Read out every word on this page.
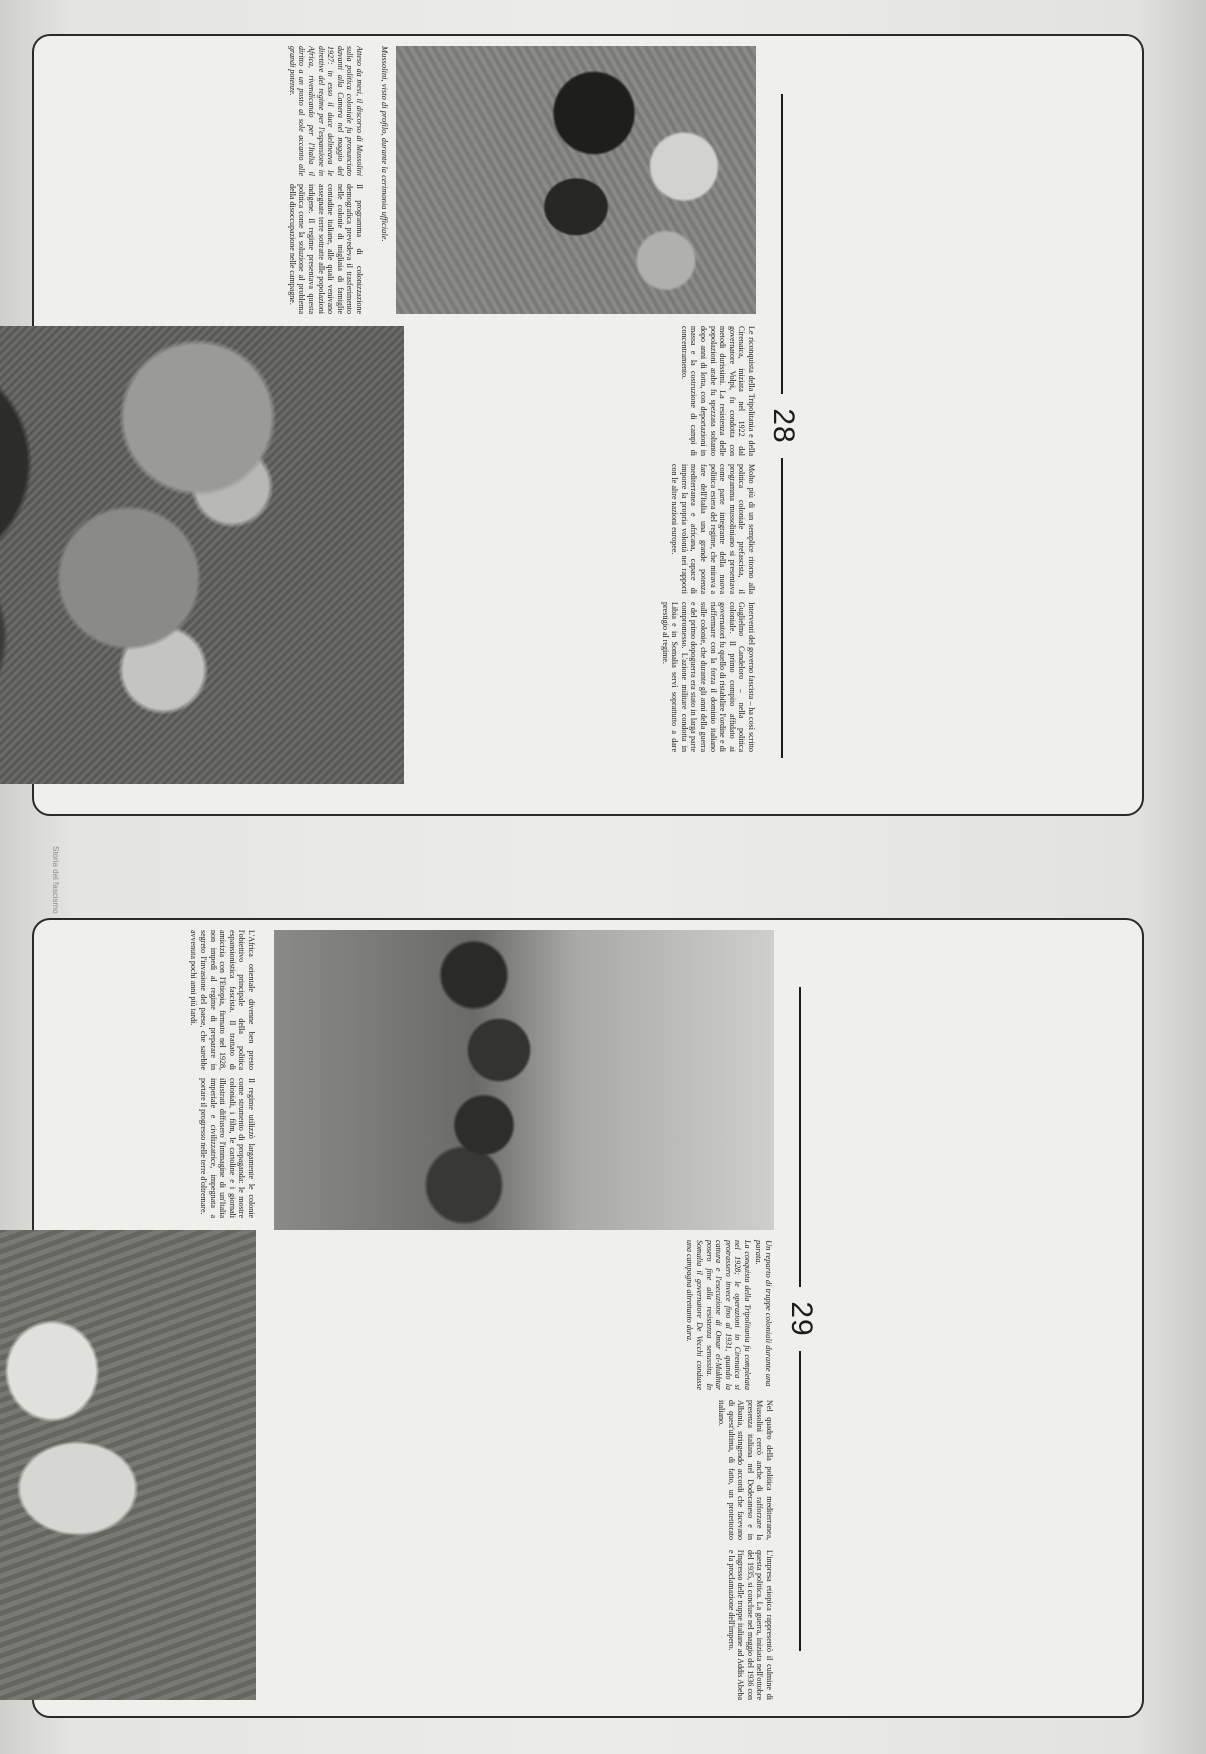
28
Mussolini, visto di profilo, durante la cerimonia ufficiale.
Atteso da mesi, il discorso di Mussolini sulla politica coloniale fu pronunciato davanti alla Camera nel maggio del 1927: in esso il duce delineava le direttive del regime per l'espansione in Africa, rivendicando per l'Italia il diritto a un posto al sole accanto alle grandi potenze.
Il programma di colonizzazione demografica prevedeva il trasferimento nelle colonie di migliaia di famiglie contadine italiane, alle quali venivano assegnate terre sottratte alle popolazioni indigene. Il regime presentava questa politica come la soluzione al problema della disoccupazione nelle campagne.
Le riconquista della Tripolitania e della Cirenaica, iniziata nel 1922 dal governatore Volpi, fu condotta con metodi durissimi. La resistenza delle popolazioni arabe fu spezzata soltanto dopo anni di lotta, con deportazioni in massa e la costruzione di campi di concentramento.
Molto più di un semplice ritorno alla politica coloniale prefascista, il programma mussoliniano si presentava come parte integrante della nuova politica estera del regime, che mirava a fare dell'Italia una grande potenza mediterranea e africana, capace di imporre la propria volontà nei rapporti con le altre nazioni europee.
Interventi del governo fascista – ha così scritto Guglielmo Candeloro – nella politica coloniale. Il primo compito affidato ai governatori fu quello di ristabilire l'ordine e di riaffermare con la forza il dominio italiano sulle colonie, che durante gli anni della guerra e del primo dopoguerra era stato in larga parte compromesso. L'azione militare condotta in Libia e in Somalia servì soprattutto a dare prestigio al regime.
29
Un reparto di truppe coloniali durante una parata.
La conquista della Tripolitania fu completata nel 1928; le operazioni in Cirenaica si protrassero invece fino al 1931, quando la cattura e l'esecuzione di Omar el-Mukhtar posero fine alla resistenza senussita. In Somalia il governatore De Vecchi condusse una campagna altrettanto dura.
L'Africa orientale divenne ben presto l'obiettivo principale della politica espansionistica fascista. Il trattato di amicizia con l'Etiopia, firmato nel 1928, non impedì al regime di preparare in segreto l'invasione del paese, che sarebbe avvenuta pochi anni più tardi.
Il regime utilizzò largamente le colonie come strumento di propaganda: le mostre coloniali, i film, le cartoline e i giornali illustrati diffusero l'immagine di un'Italia imperiale e civilizzatrice, impegnata a portare il progresso nelle terre d'oltremare.
Nel quadro della politica mediterranea, Mussolini cercò anche di rafforzare la presenza italiana nel Dodecaneso e in Albania, stringendo accordi che facevano di quest'ultima, di fatto, un protettorato italiano.
L'impresa etiopica rappresentò il culmine di questa politica. La guerra, iniziata nell'ottobre del 1935, si concluse nel maggio del 1936 con l'ingresso delle truppe italiane ad Addis Abeba e la proclamazione dell'impero.
Storia del fascismo
